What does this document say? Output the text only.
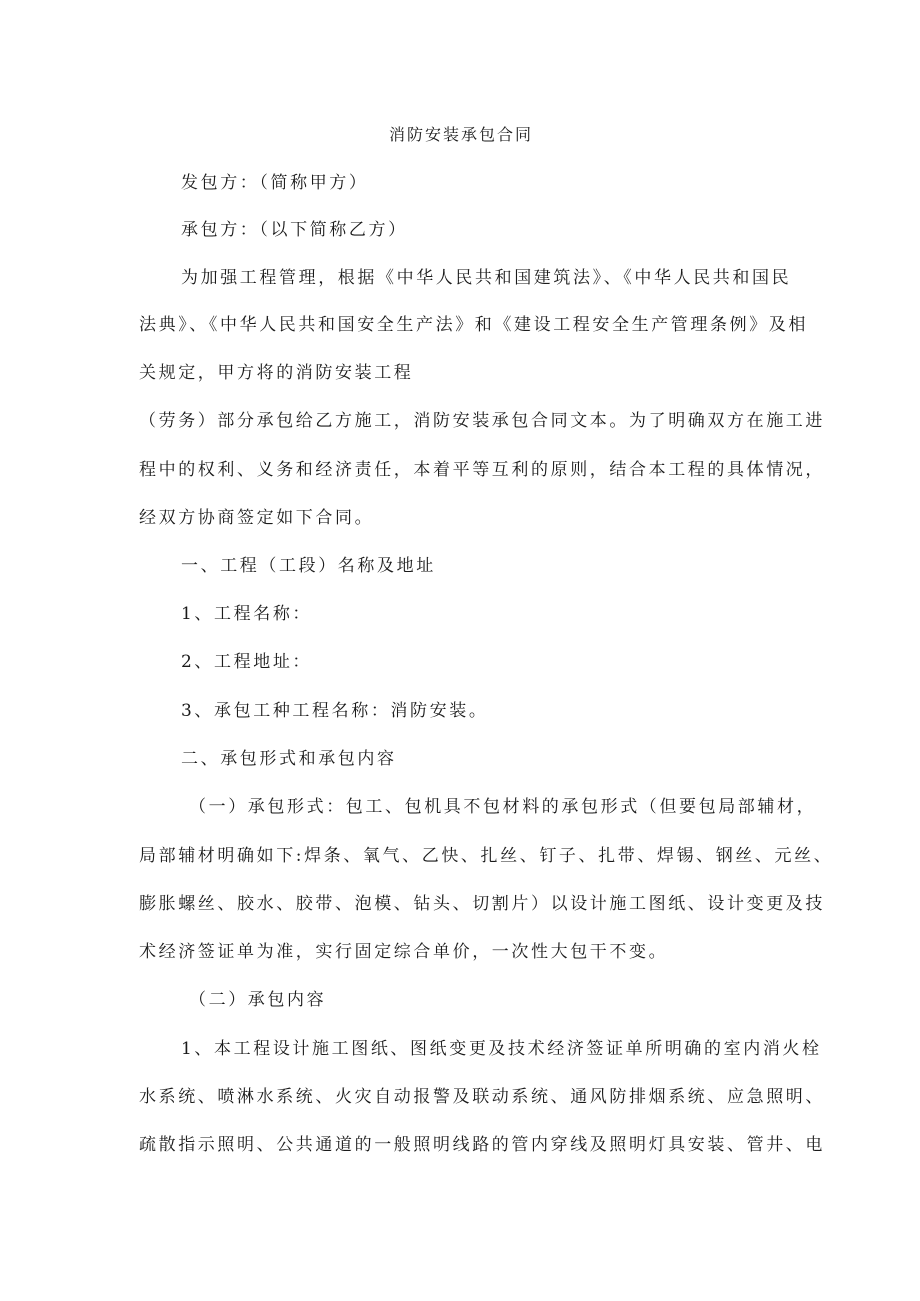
消防安装承包合同
发包方：（简称甲方）
承包方：（以下简称乙方）
为加强工程管理，根据《中华人民共和国建筑法》、《中华人民共和国民
法典》、《中华人民共和国安全生产法》和《建设工程安全生产管理条例》及相
关规定，甲方将的消防安装工程
（劳务）部分承包给乙方施工，消防安装承包合同文本。为了明确双方在施工进
程中的权利、义务和经济责任，本着平等互利的原则，结合本工程的具体情况，
经双方协商签定如下合同。
一、工程（工段）名称及地址
1、工程名称：
2、工程地址：
3、承包工种工程名称：消防安装。
二、承包形式和承包内容
（一）承包形式：包工、包机具不包材料的承包形式（但要包局部辅材，
局部辅材明确如下:焊条、氧气、乙快、扎丝、钉子、扎带、焊锡、钢丝、元丝、
膨胀螺丝、胶水、胶带、泡模、钻头、切割片）以设计施工图纸、设计变更及技
术经济签证单为准，实行固定综合单价，一次性大包干不变。
（二）承包内容
1、本工程设计施工图纸、图纸变更及技术经济签证单所明确的室内消火栓
水系统、喷淋水系统、火灾自动报警及联动系统、通风防排烟系统、应急照明、
疏散指示照明、公共通道的一般照明线路的管内穿线及照明灯具安装、管井、电
